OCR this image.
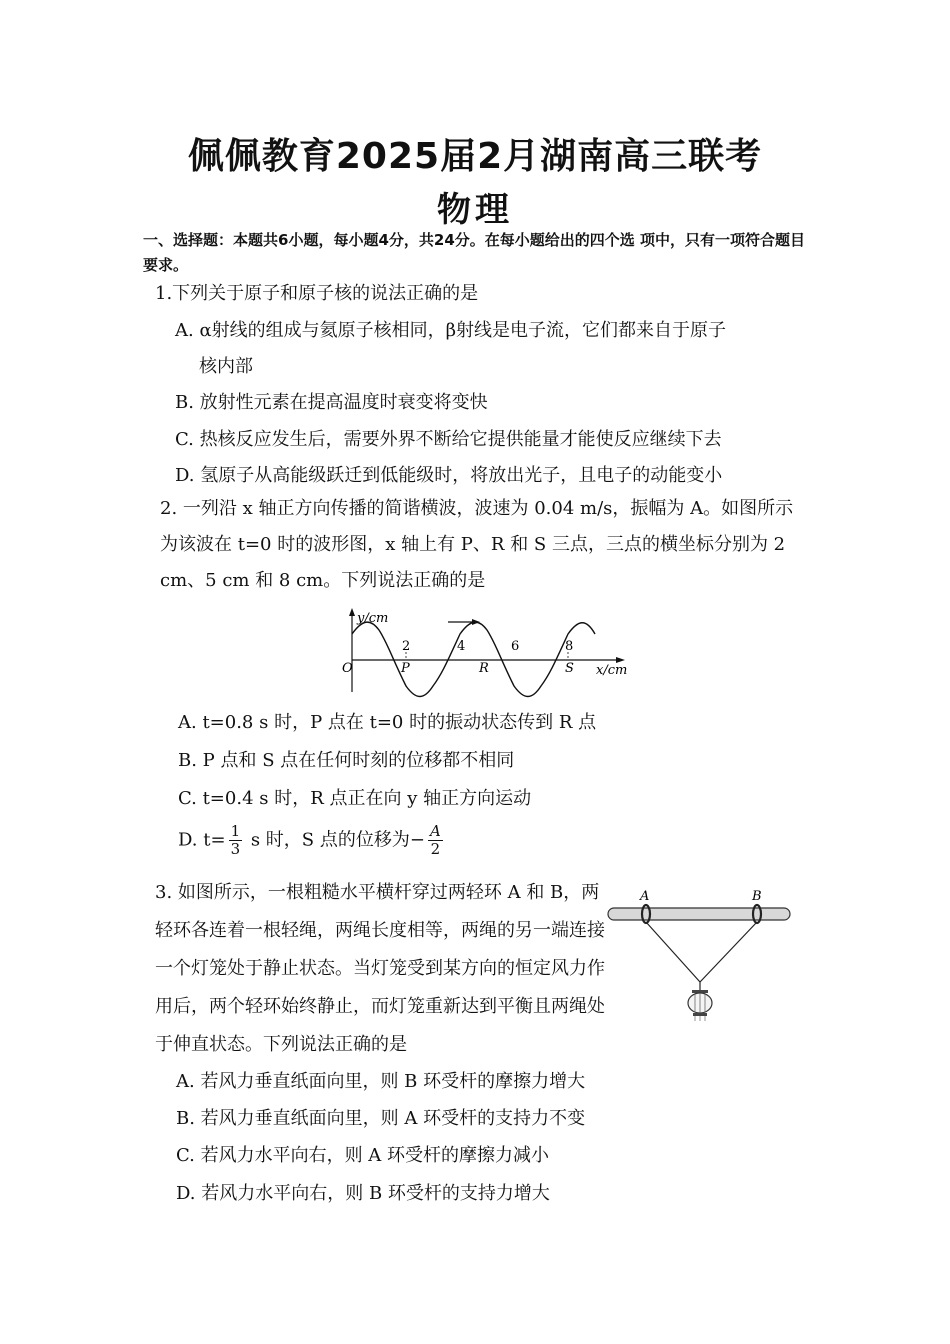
佩佩教育2025届2月湖南高三联考
物理
一、选择题：本题共6小题，每小题4分，共24分。在每小题给出的四个选 项中，只有一项符合题目要求。
1.下列关于原子和原子核的说法正确的是
A. α射线的组成与氦原子核相同，β射线是电子流，它们都来自于原子
核内部
B. 放射性元素在提高温度时衰变将变快
C. 热核反应发生后，需要外界不断给它提供能量才能使反应继续下去
D. 氢原子从高能级跃迁到低能级时，将放出光子，且电子的动能变小
2. 一列沿 x 轴正方向传播的简谐横波，波速为 0.04 m/s，振幅为 A。如图所示为该波在 t=0 时的波形图，x 轴上有 P、R 和 S 三点，三点的横坐标分别为 2 cm、5 cm 和 8 cm。下列说法正确的是
y/cm
x/cm
O
2	4	6	8
P	R	S
A. t=0.8 s 时，P 点在 t=0 时的振动状态传到 R 点
B. P 点和 S 点在任何时刻的位移都不相同
C. t=0.4 s 时，R 点正在向 y 轴正方向运动
D. $t= \frac{1}{3}$ s 时，S 点的位移为− $\frac{A}{2}$
3. 如图所示，一根粗糙水平横杆穿过两轻环 A 和 B，两轻环各连着一根轻绳，两绳长度相等，两绳的另一端连接一个灯笼处于静止状态。当灯笼受到某方向的恒定风力作用后，两个轻环始终静止，而灯笼重新达到平衡且两绳处于伸直状态。下列说法正确的是
A	B
A. 若风力垂直纸面向里，则 B 环受杆的摩擦力增大
B. 若风力垂直纸面向里，则 A 环受杆的支持力不变
C. 若风力水平向右，则 A 环受杆的摩擦力减小
D. 若风力水平向右，则 B 环受杆的支持力增大
